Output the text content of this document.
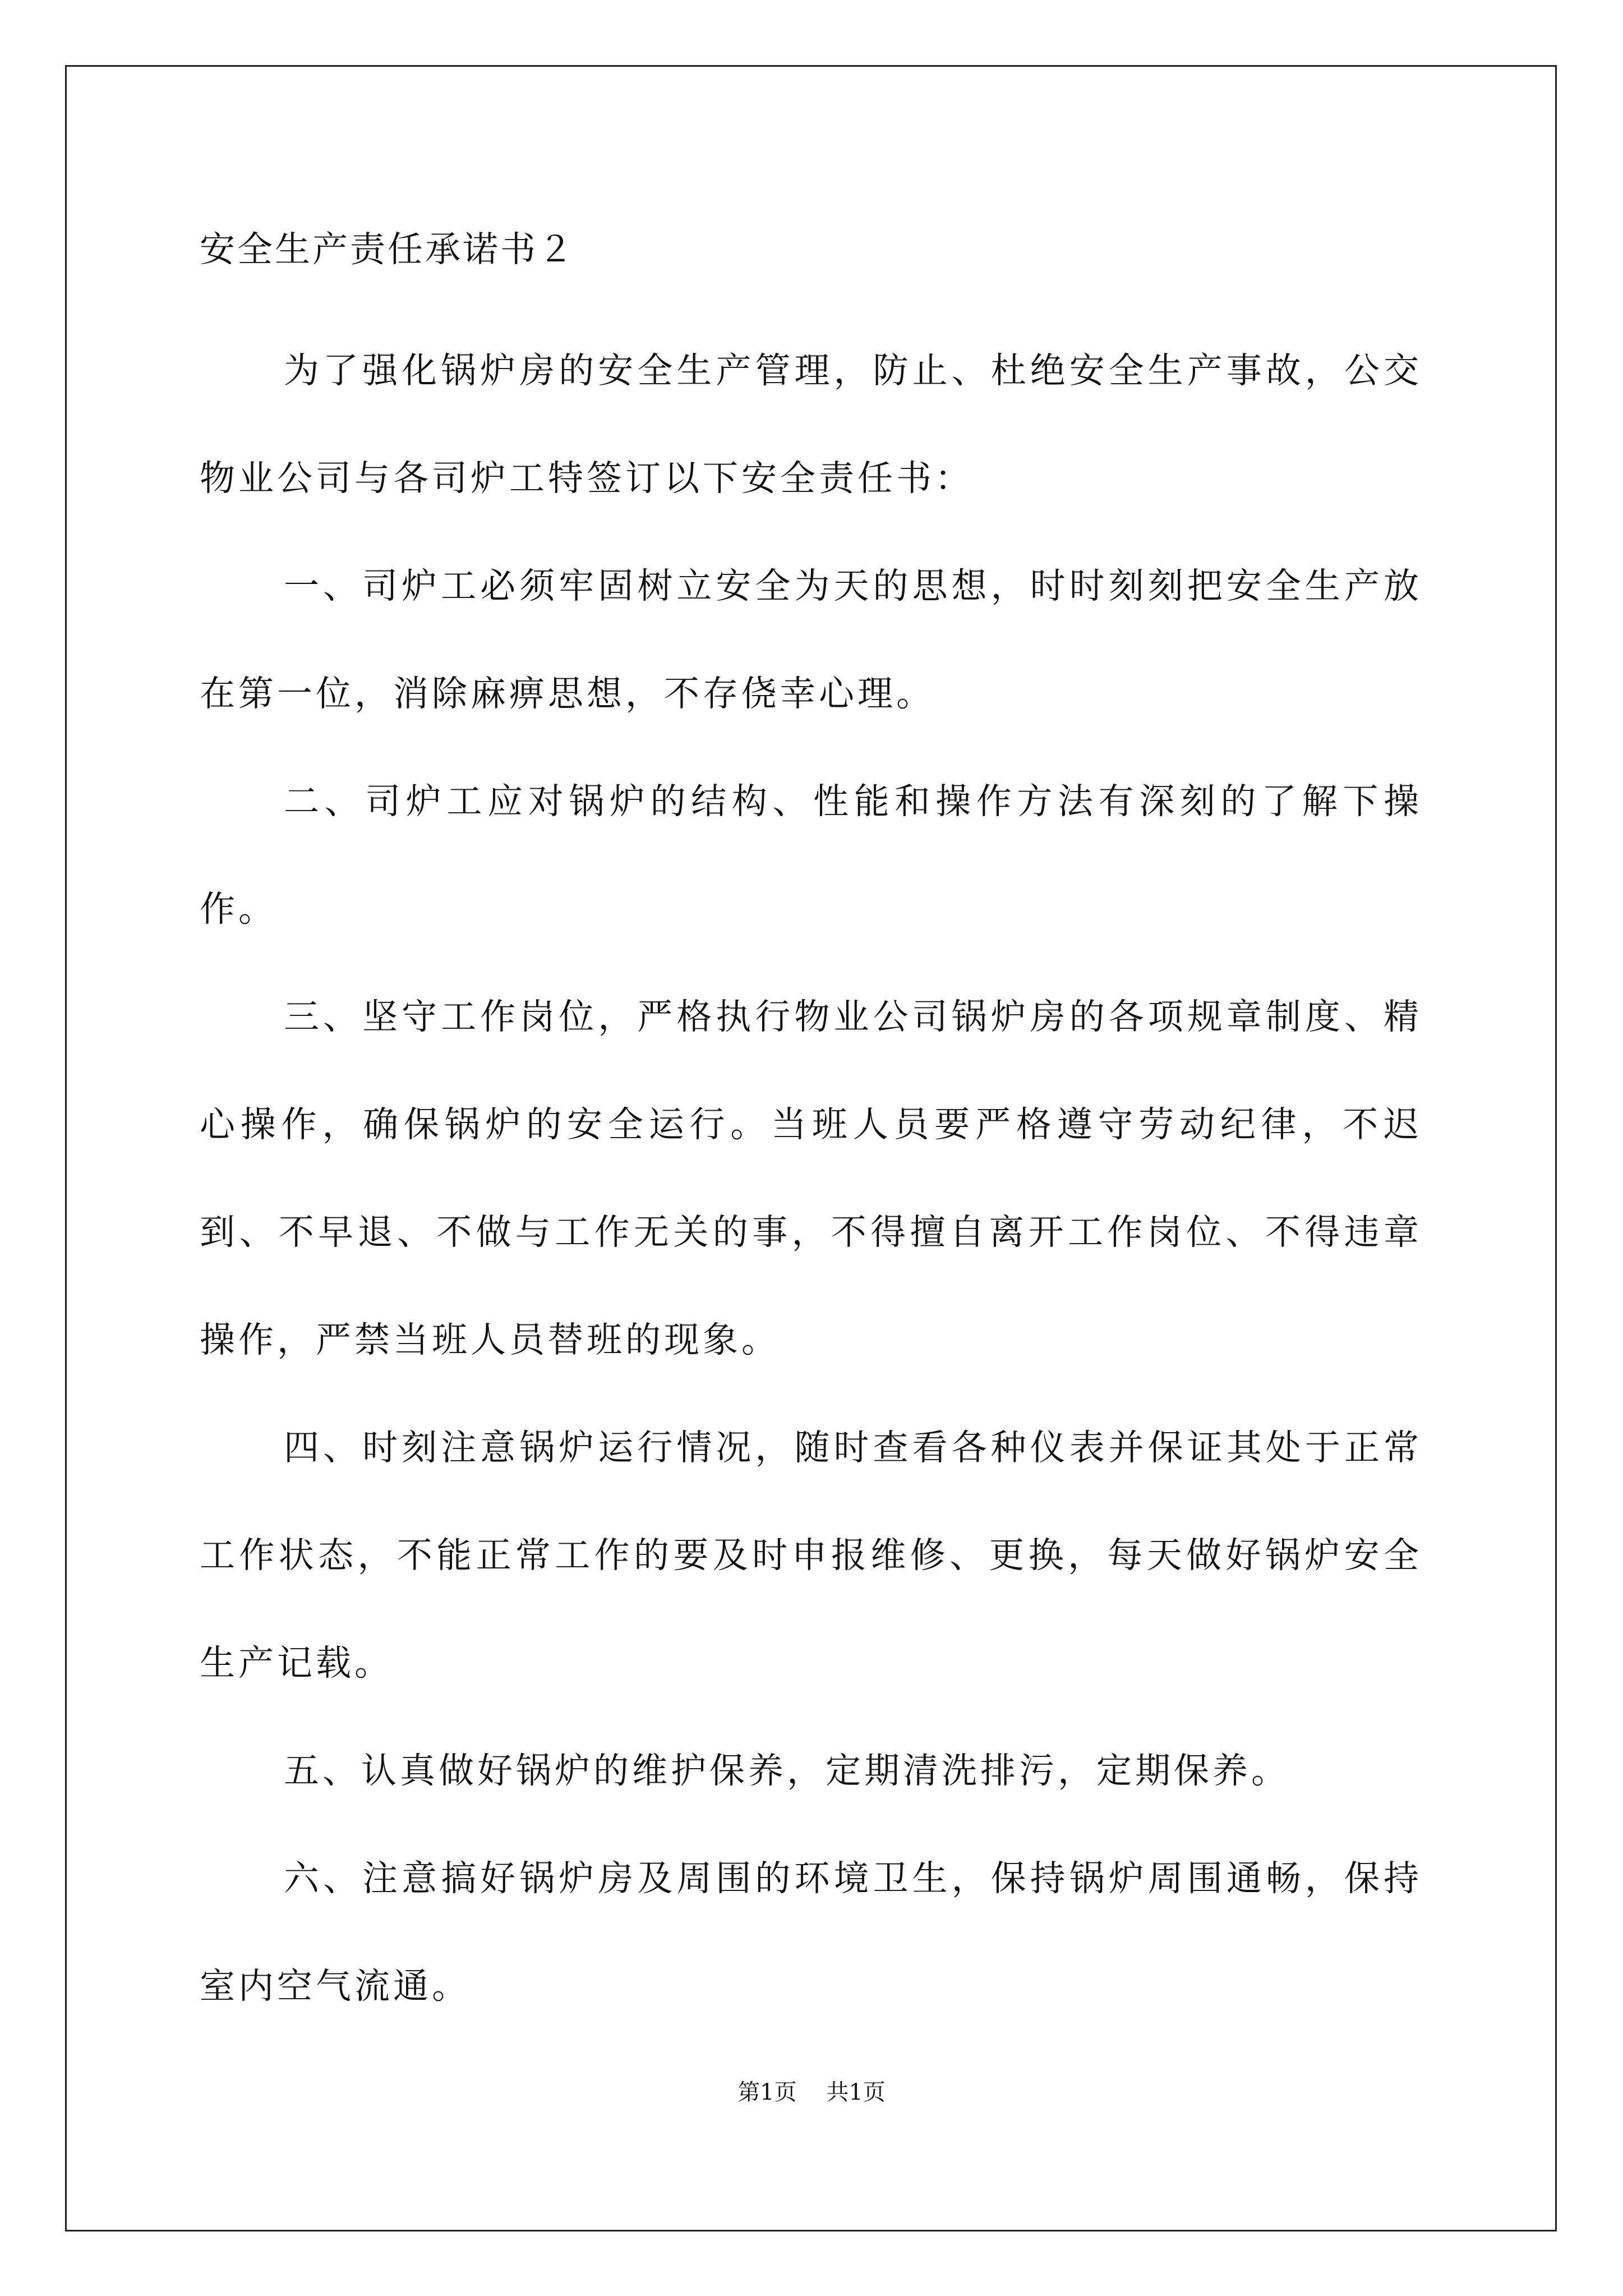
安全生产责任承诺书２

为了强化锅炉房的安全生产管理，防止、杜绝安全生产事故，公交物业公司与各司炉工特签订以下安全责任书：

一、司炉工必须牢固树立安全为天的思想，时时刻刻把安全生产放在第一位，消除麻痹思想，不存侥幸心理。

二、司炉工应对锅炉的结构、性能和操作方法有深刻的了解下操作。

三、坚守工作岗位，严格执行物业公司锅炉房的各项规章制度、精心操作，确保锅炉的安全运行。当班人员要严格遵守劳动纪律，不迟到、不早退、不做与工作无关的事，不得擅自离开工作岗位、不得违章操作，严禁当班人员替班的现象。

四、时刻注意锅炉运行情况，随时查看各种仪表并保证其处于正常工作状态，不能正常工作的要及时申报维修、更换，每天做好锅炉安全生产记载。

五、认真做好锅炉的维护保养，定期清洗排污，定期保养。

六、注意搞好锅炉房及周围的环境卫生，保持锅炉周围通畅，保持室内空气流通。

第1页 共1页
